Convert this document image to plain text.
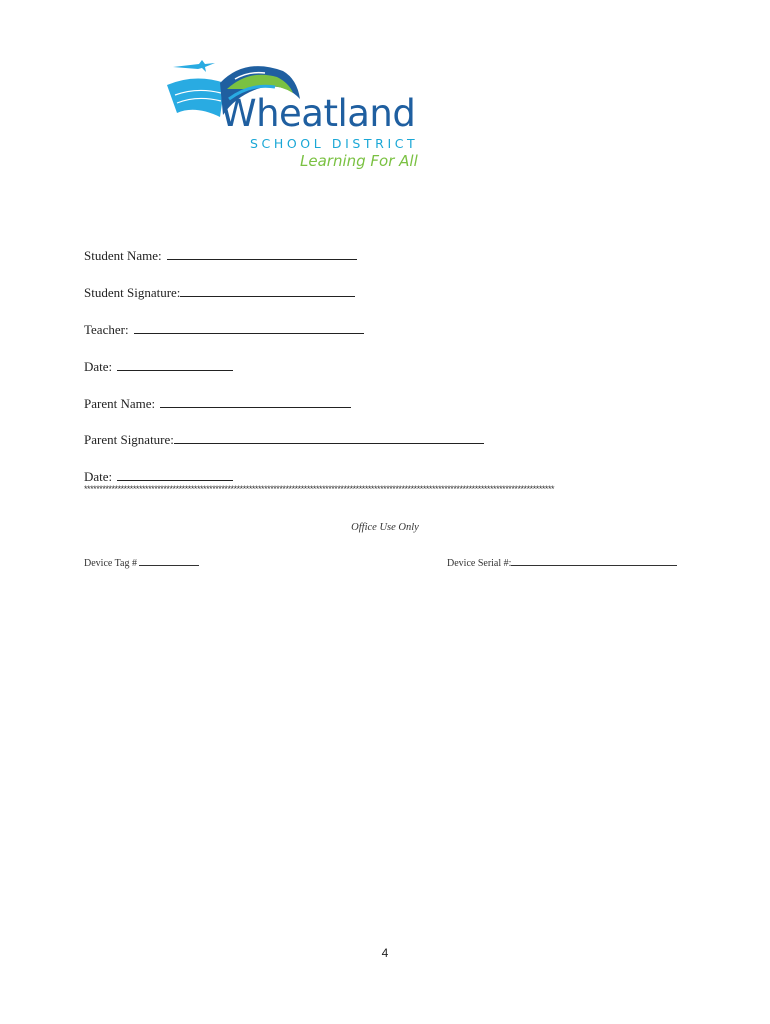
Wheatland
SCHOOL DISTRICT
Learning For All
Student Name:
Student Signature:
Teacher:
Date:
Parent Name:
Parent Signature:
Date:
**********************************************************************************************************************************************************
Office Use Only
Device Tag #	Device Serial #:
4
